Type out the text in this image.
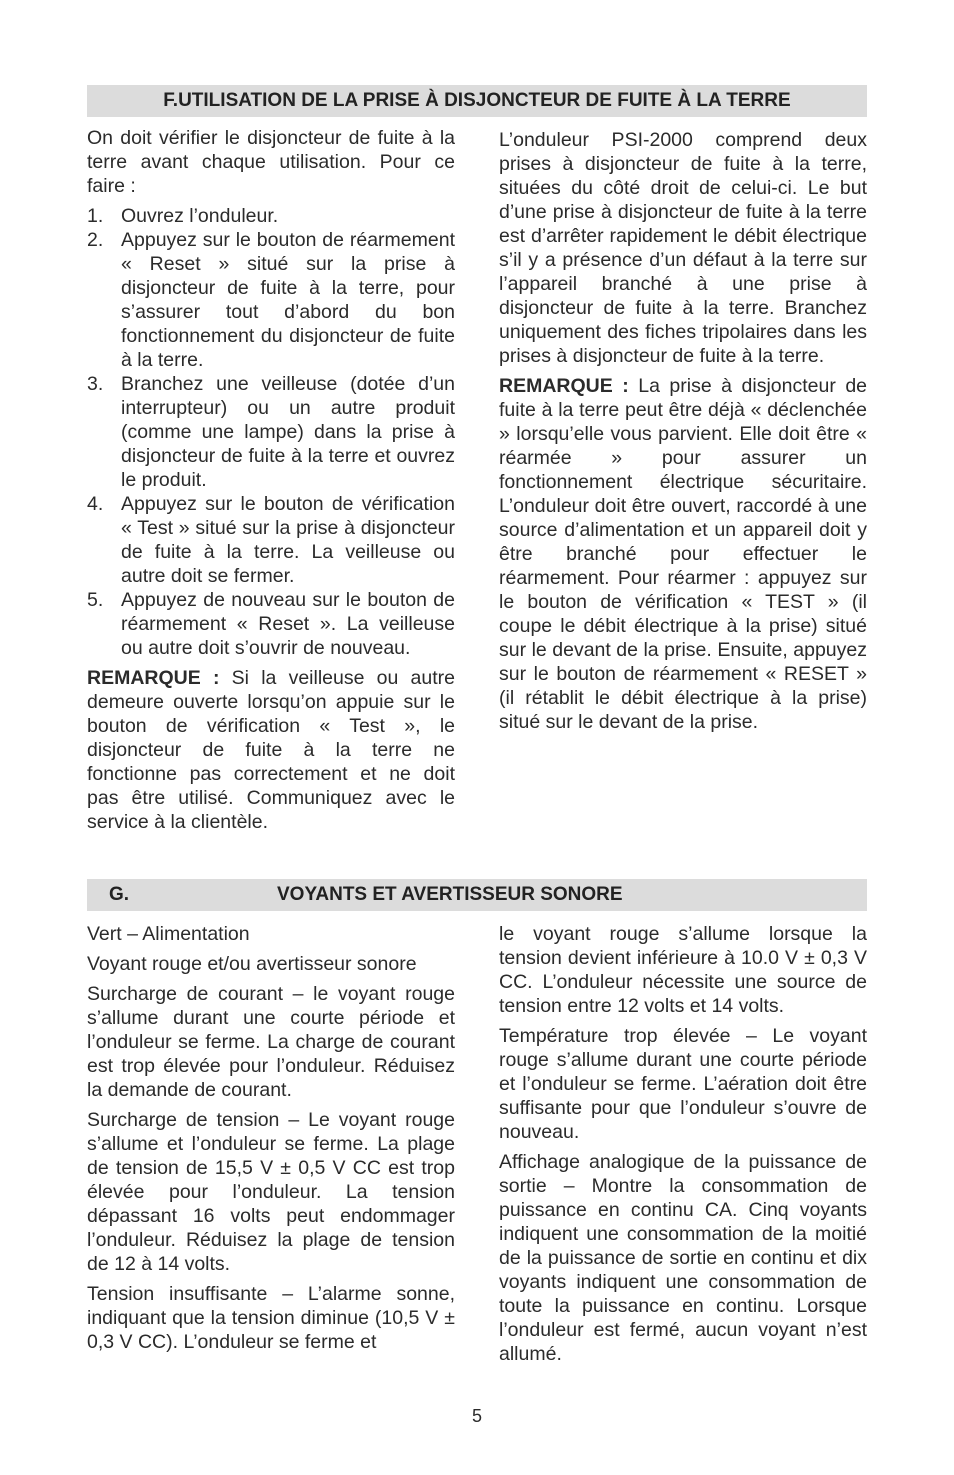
F.UTILISATION DE LA PRISE À DISJONCTEUR DE FUITE À LA TERRE

On doit vérifier le disjoncteur de fuite à la terre avant chaque utilisation. Pour ce faire :

1. Ouvrez l’onduleur.
2. Appuyez sur le bouton de réarmement « Reset » situé sur la prise à disjoncteur de fuite à la terre, pour s’assurer tout d’abord du bon fonctionnement du disjoncteur de fuite à la terre.
3. Branchez une veilleuse (dotée d’un interrupteur) ou un autre produit (comme une lampe) dans la prise à disjoncteur de fuite à la terre et ouvrez le produit.
4. Appuyez sur le bouton de vérification « Test » situé sur la prise à disjoncteur de fuite à la terre. La veilleuse ou autre doit se fermer.
5. Appuyez de nouveau sur le bouton de réarmement « Reset ». La veilleuse ou autre doit s’ouvrir de nouveau.

REMARQUE : Si la veilleuse ou autre demeure ouverte lorsqu’on appuie sur le bouton de vérification « Test », le disjoncteur de fuite à la terre ne fonctionne pas correctement et ne doit pas être utilisé. Communiquez avec le service à la clientèle.

L’onduleur PSI-2000 comprend deux prises à disjoncteur de fuite à la terre, situées du côté droit de celui-ci. Le but d’une prise à disjoncteur de fuite à la terre est d’arrêter rapidement le débit électrique s’il y a présence d’un défaut à la terre sur l’appareil branché à une prise à disjoncteur de fuite à la terre. Branchez uniquement des fiches tripolaires dans les prises à disjoncteur de fuite à la terre.

REMARQUE : La prise à disjoncteur de fuite à la terre peut être déjà « déclenchée » lorsqu’elle vous parvient. Elle doit être « réarmée » pour assurer un fonctionnement électrique sécuritaire. L’onduleur doit être ouvert, raccordé à une source d’alimentation et un appareil doit y être branché pour effectuer le réarmement. Pour réarmer : appuyez sur le bouton de vérification « TEST » (il coupe le débit électrique à la prise) situé sur le devant de la prise. Ensuite, appuyez sur le bouton de réarmement « RESET » (il rétablit le débit électrique à la prise) situé sur le devant de la prise.

G.	VOYANTS ET AVERTISSEUR SONORE

Vert – Alimentation

Voyant rouge et/ou avertisseur sonore

Surcharge de courant – le voyant rouge s’allume durant une courte période et l’onduleur se ferme. La charge de courant est trop élevée pour l’onduleur. Réduisez la demande de courant.

Surcharge de tension – Le voyant rouge s’allume et l’onduleur se ferme. La plage de tension de 15,5 V ± 0,5 V CC est trop élevée pour l’onduleur. La tension dépassant 16 volts peut endommager l’onduleur. Réduisez la plage de tension de 12 à 14 volts.

Tension insuffisante – L’alarme sonne, indiquant que la tension diminue (10,5 V ± 0,3 V CC). L’onduleur se ferme et

le voyant rouge s’allume lorsque la tension devient inférieure à 10.0 V ± 0,3 V CC. L’onduleur nécessite une source de tension entre 12 volts et 14 volts.

Température trop élevée – Le voyant rouge s’allume durant une courte période et l’onduleur se ferme. L’aération doit être suffisante pour que l’onduleur s’ouvre de nouveau.

Affichage analogique de la puissance de sortie – Montre la consommation de puissance en continu CA. Cinq voyants indiquent une consommation de la moitié de la puissance de sortie en continu et dix voyants indiquent une consommation de toute la puissance en continu. Lorsque l’onduleur est fermé, aucun voyant n’est allumé.

5
